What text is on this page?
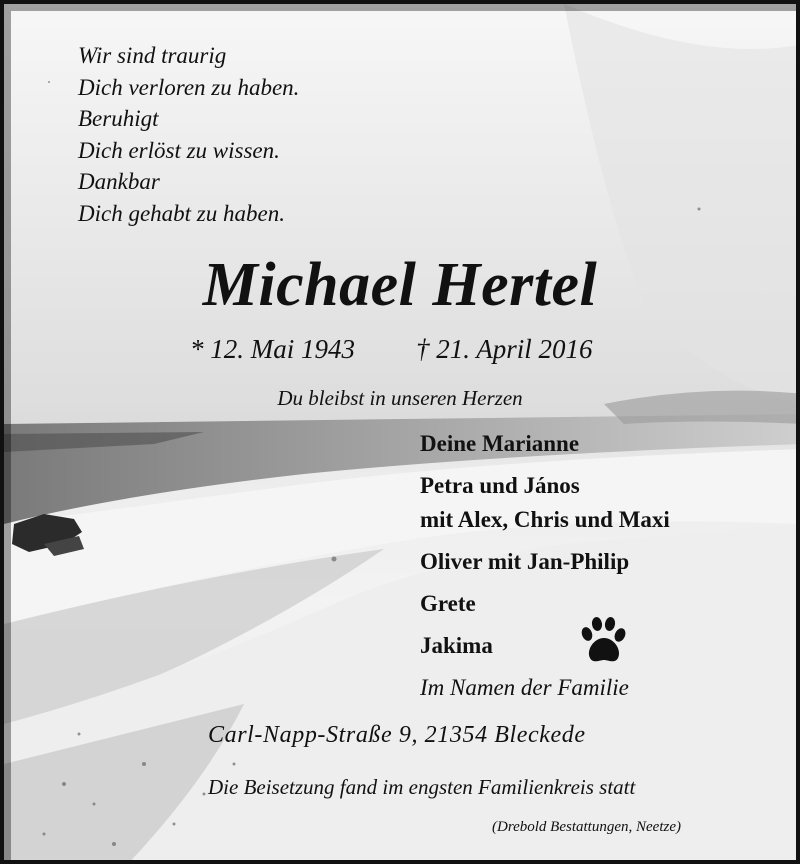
Wir sind traurig
Dich verloren zu haben.
Beruhigt
Dich erlöst zu wissen.
Dankbar
Dich gehabt zu haben.
Michael Hertel
* 12. Mai 1943 † 21. April 2016
Du bleibst in unseren Herzen
Deine Marianne
Petra und János
mit Alex, Chris und Maxi
Oliver mit Jan-Philip
Grete
Jakima
Im Namen der Familie
Carl-Napp-Straße 9, 21354 Bleckede
Die Beisetzung fand im engsten Familienkreis statt
(Drebold Bestattungen, Neetze)
